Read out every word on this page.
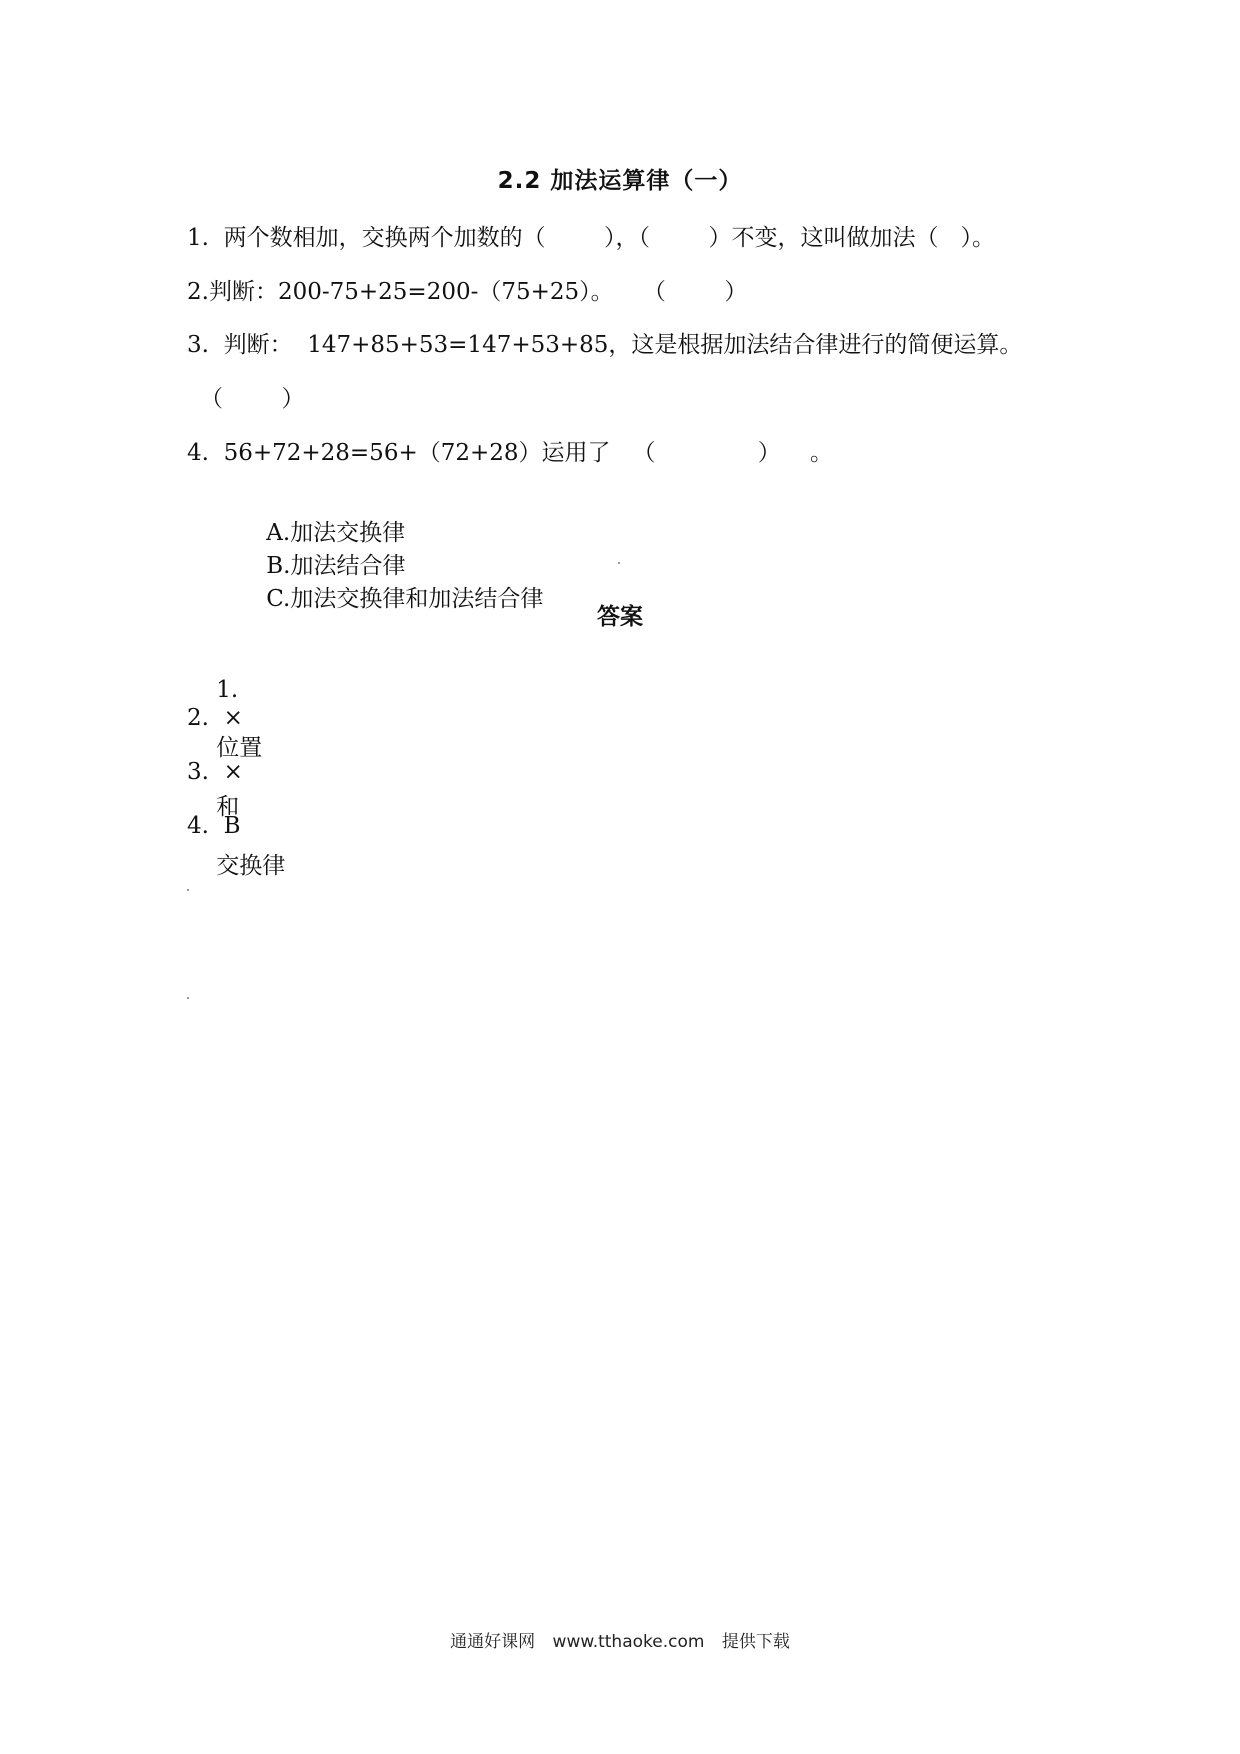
2.2 加法运算律（一）
1.  两个数相加，交换两个加数的（        ），（        ）不变，这叫做加法（   ）。
2.判断：200-75+25=200-（75+25）。    （        ）
3.  判断：  147+85+53=147+53+85，这是根据加法结合律进行的简便运算。
（        ）
4.  56+72+28=56+（72+28）运用了   （              ）    。

A.加法交换律
B.加法结合律
C.加法交换律和加法结合律

答案

1.

位置

和

交换律

2.  ×
3.  ×
4.  B
通通好课网 www.tthaoke.com 提供下载
